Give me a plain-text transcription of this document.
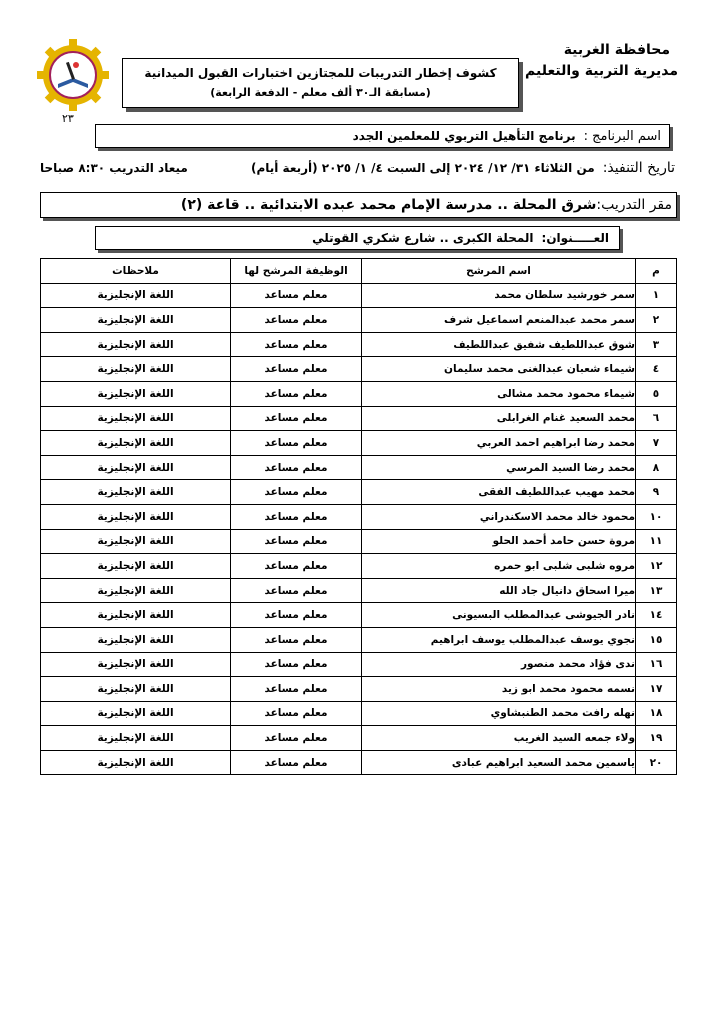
محافظة الغربية
مديرية التربية والتعليم
كشوف إخطار التدريبات للمجتازين اختبارات القبول الميدانية
(مسابقة الـ٣٠ ألف معلم - الدفعة الرابعة)
٢٣
اسم البرنامج :
برنامج التأهيل التربوي للمعلمين الجدد
تاريخ التنفيذ:
من الثلاثاء ٣١/ ١٢/ ٢٠٢٤ إلى السبت ٤/ ١/ ٢٠٢٥ (أربعة أيام)
ميعاد التدريب ٨:٣٠ صباحا
مقر التدريب:
شرق المحلة .. مدرسة الإمام محمد عبده الابتدائية .. قاعة (٢)
العـــــنوان:
المحلة الكبرى .. شارع شكري القوتلي
م	اسم المرشح	الوظيفة المرشح لها	ملاحظات
١	سمر خورشيد سلطان محمد	معلم مساعد	اللغة الإنجليزية
٢	سمر محمد عبدالمنعم اسماعيل شرف	معلم مساعد	اللغة الإنجليزية
٣	شوق عبداللطيف شفيق عبداللطيف	معلم مساعد	اللغة الإنجليزية
٤	شيماء شعبان عبدالغنى محمد سليمان	معلم مساعد	اللغة الإنجليزية
٥	شيماء محمود محمد مشالى	معلم مساعد	اللغة الإنجليزية
٦	محمد السعيد غنام الغرابلى	معلم مساعد	اللغة الإنجليزية
٧	محمد رضا ابراهيم احمد العربي	معلم مساعد	اللغة الإنجليزية
٨	محمد رضا السيد المرسي	معلم مساعد	اللغة الإنجليزية
٩	محمد مهيب عبداللطيف الفقى	معلم مساعد	اللغة الإنجليزية
١٠	محمود خالد محمد الاسكندراني	معلم مساعد	اللغة الإنجليزية
١١	مروة حسن حامد أحمد الحلو	معلم مساعد	اللغة الإنجليزية
١٢	مروه شلبى شلبى ابو حمره	معلم مساعد	اللغة الإنجليزية
١٣	ميرا اسحاق دانيال جاد الله	معلم مساعد	اللغة الإنجليزية
١٤	نادر الجيوشى عبدالمطلب البسيونى	معلم مساعد	اللغة الإنجليزية
١٥	نجوي يوسف عبدالمطلب يوسف ابراهيم	معلم مساعد	اللغة الإنجليزية
١٦	ندى فؤاد محمد منصور	معلم مساعد	اللغة الإنجليزية
١٧	نسمه محمود محمد ابو زيد	معلم مساعد	اللغة الإنجليزية
١٨	نهله رافت محمد الطنبشاوي	معلم مساعد	اللغة الإنجليزية
١٩	ولاء جمعه السيد الغريب	معلم مساعد	اللغة الإنجليزية
٢٠	ياسمين محمد السعيد ابراهيم عبادى	معلم مساعد	اللغة الإنجليزية
